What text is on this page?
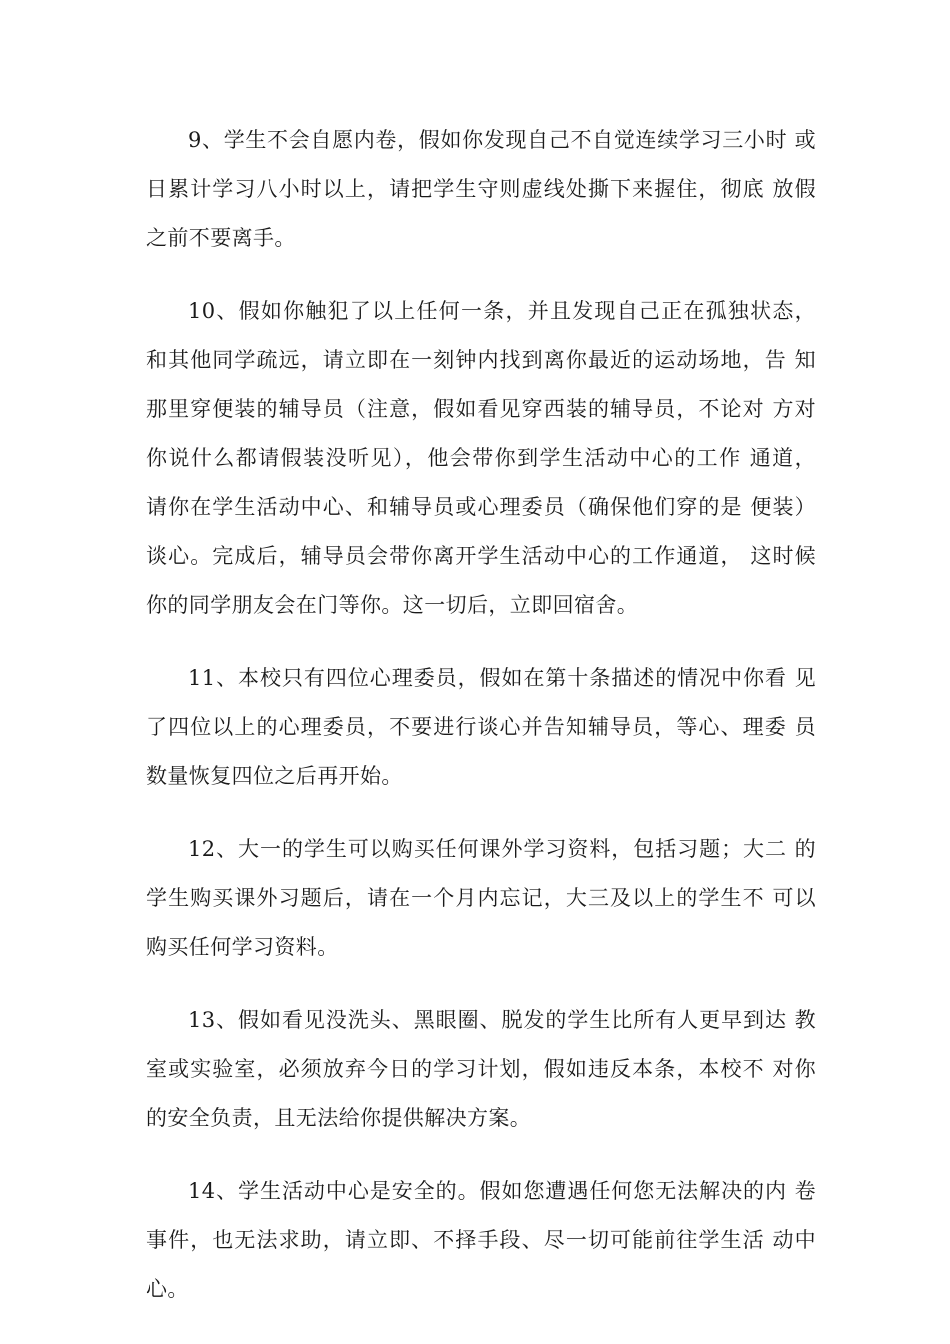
9、学生不会自愿内卷，假如你发现自己不自觉连续学习三小时 或
日累计学习八小时以上，请把学生守则虚线处撕下来握住，彻底 放假
之前不要离手。

10、假如你触犯了以上任何一条，并且发现自己正在孤独状态，
和其他同学疏远，请立即在一刻钟内找到离你最近的运动场地，告 知
那里穿便装的辅导员（注意，假如看见穿西装的辅导员，不论对 方对
你说什么都请假装没听见），他会带你到学生活动中心的工作 通道，
请你在学生活动中心、和辅导员或心理委员（确保他们穿的是 便装）
谈心。完成后，辅导员会带你离开学生活动中心的工作通道， 这时候
你的同学朋友会在门等你。这一切后，立即回宿舍。

11、本校只有四位心理委员，假如在第十条描述的情况中你看 见
了四位以上的心理委员，不要进行谈心并告知辅导员，等心、理委 员
数量恢复四位之后再开始。

12、大一的学生可以购买任何课外学习资料，包括习题；大二 的
学生购买课外习题后，请在一个月内忘记，大三及以上的学生不 可以
购买任何学习资料。

13、假如看见没洗头、黑眼圈、脱发的学生比所有人更早到达 教
室或实验室，必须放弃今日的学习计划，假如违反本条，本校不 对你
的安全负责，且无法给你提供解决方案。

14、学生活动中心是安全的。假如您遭遇任何您无法解决的内 卷
事件，也无法求助，请立即、不择手段、尽一切可能前往学生活 动中
心。
